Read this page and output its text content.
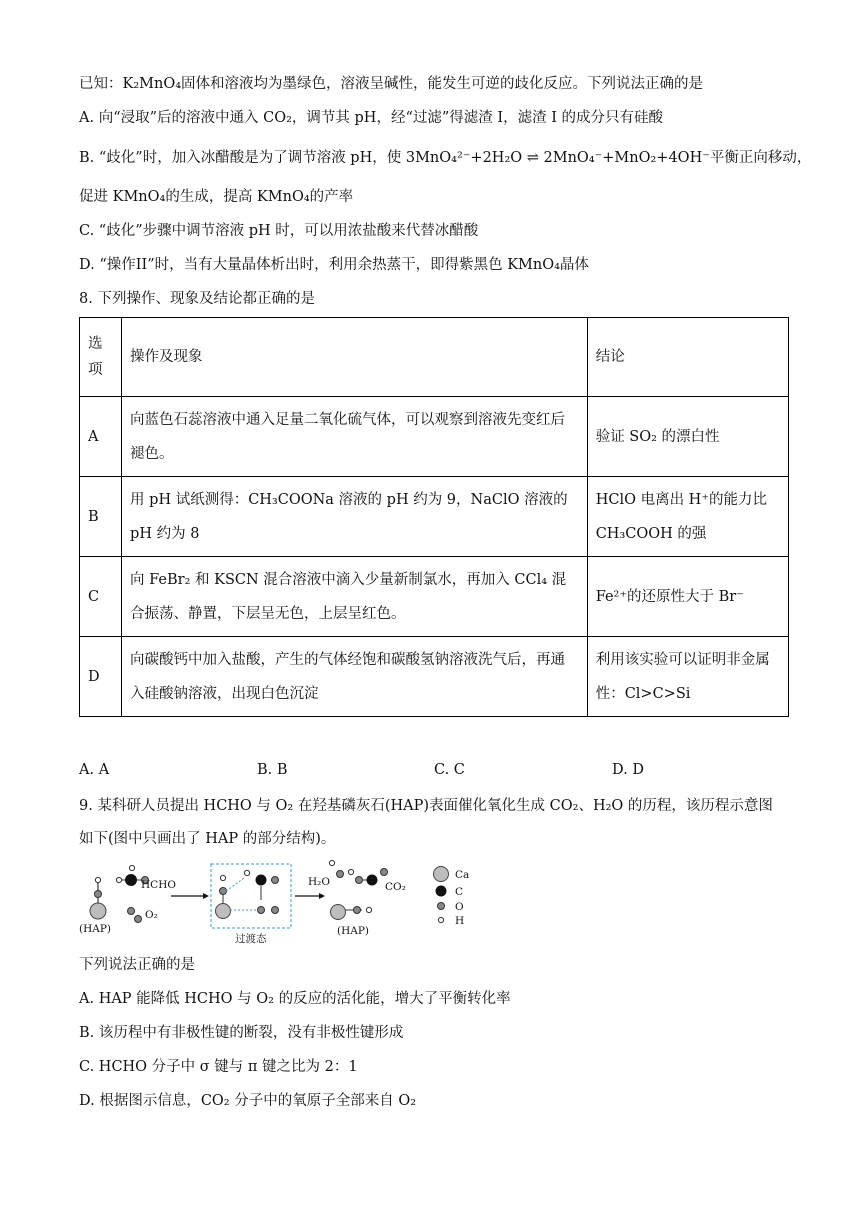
已知：K₂MnO₄固体和溶液均为墨绿色，溶液呈碱性，能发生可逆的歧化反应。下列说法正确的是
A. 向“浸取”后的溶液中通入 CO₂，调节其 pH，经“过滤”得滤渣 I，滤渣 I 的成分只有硅酸
B. “歧化”时，加入冰醋酸是为了调节溶液 pH，使 3MnO₄²⁻+2H₂O ⇌ 2MnO₄⁻+MnO₂+4OH⁻平衡正向移动，
促进 KMnO₄的生成，提高 KMnO₄的产率
C. “歧化”步骤中调节溶液 pH 时，可以用浓盐酸来代替冰醋酸
D. “操作II”时，当有大量晶体析出时，利用余热蒸干，即得紫黑色 KMnO₄晶体
8. 下列操作、现象及结论都正确的是
选项	操作及现象	结论
A	向蓝色石蕊溶液中通入足量二氧化硫气体，可以观察到溶液先变红后褪色。	验证 SO₂ 的漂白性
B	用 pH 试纸测得：CH₃COONa 溶液的 pH 约为 9，NaClO 溶液的 pH 约为 8	HClO 电离出 H⁺的能力比 CH₃COOH 的强
C	向 FeBr₂ 和 KSCN 混合溶液中滴入少量新制氯水，再加入 CCl₄ 混合振荡、静置，下层呈无色，上层呈红色。	Fe²⁺的还原性大于 Br⁻
D	向碳酸钙中加入盐酸，产生的气体经饱和碳酸氢钠溶液洗气后，再通入硅酸钠溶液，出现白色沉淀	利用该实验可以证明非金属性：Cl>C>Si
A. A	B. B	C. C	D. D
9. 某科研人员提出 HCHO 与 O₂ 在羟基磷灰石(HAP)表面催化氧化生成 CO₂、H₂O 的历程，该历程示意图
如下(图中只画出了 HAP 的部分结构)。
(HAP)
HCHO
O₂
过渡态
H₂O	CO₂
(HAP)
Ca
C
O
H
下列说法正确的是
A. HAP 能降低 HCHO 与 O₂ 的反应的活化能，增大了平衡转化率
B. 该历程中有非极性键的断裂，没有非极性键形成
C. HCHO 分子中 σ 键与 π 键之比为 2：1
D. 根据图示信息，CO₂ 分子中的氧原子全部来自 O₂
